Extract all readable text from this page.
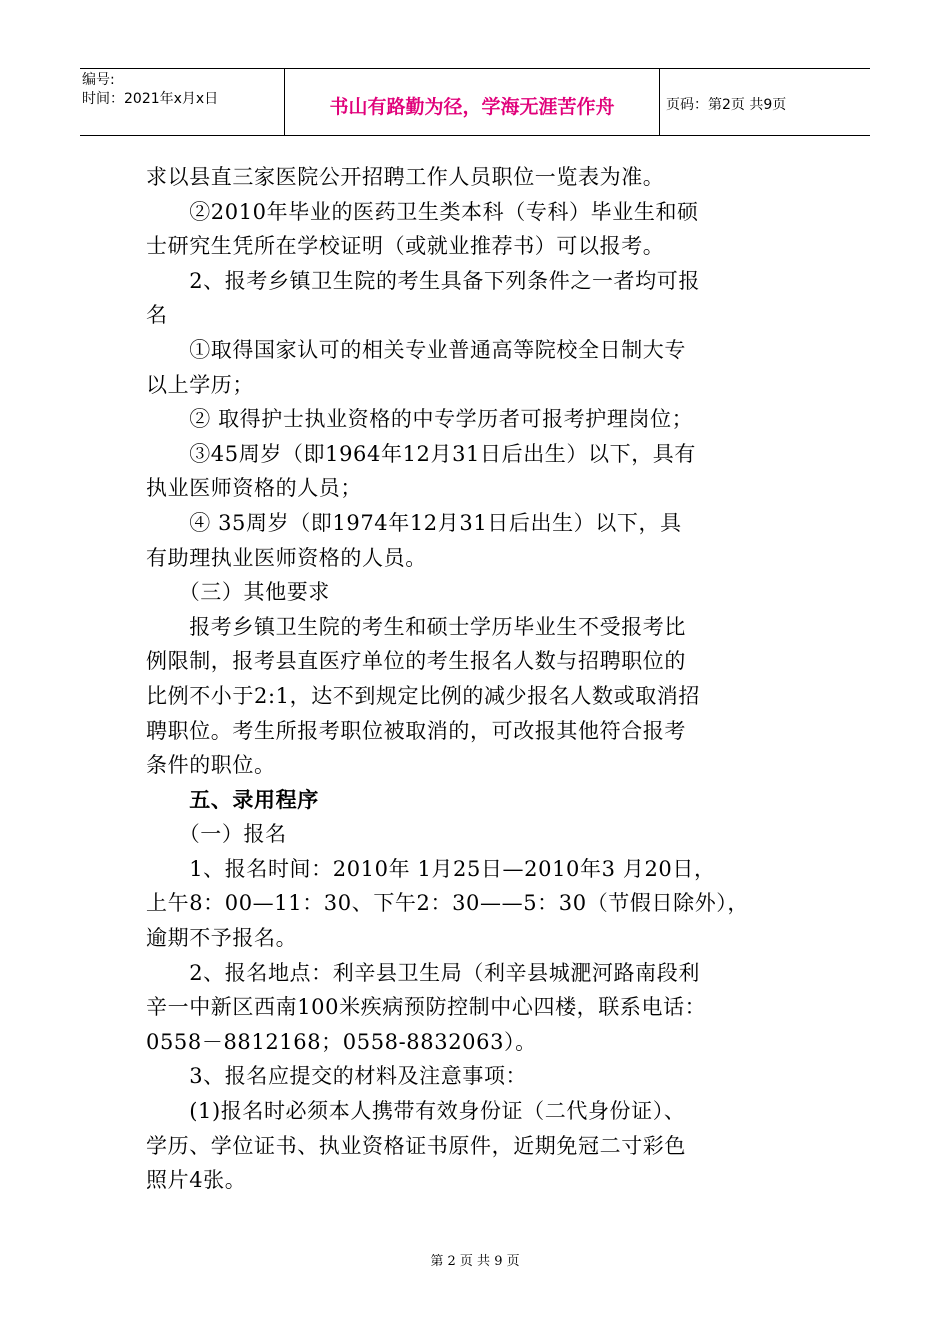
编号:
时间：2021年x月x日	书山有路勤为径，学海无涯苦作舟	页码：第2页 共9页

求以县直三家医院公开招聘工作人员职位一览表为准。

　　②2010年毕业的医药卫生类本科（专科）毕业生和硕

士研究生凭所在学校证明（或就业推荐书）可以报考。

　　2、报考乡镇卫生院的考生具备下列条件之一者均可报

名

　　①取得国家认可的相关专业普通高等院校全日制大专

以上学历；

　　② 取得护士执业资格的中专学历者可报考护理岗位；

　　③45周岁（即1964年12月31日后出生）以下，具有

执业医师资格的人员；

　　④ 35周岁（即1974年12月31日后出生）以下，具

有助理执业医师资格的人员。

　　（三）其他要求

　　报考乡镇卫生院的考生和硕士学历毕业生不受报考比

例限制，报考县直医疗单位的考生报名人数与招聘职位的

比例不小于2:1，达不到规定比例的减少报名人数或取消招

聘职位。考生所报考职位被取消的，可改报其他符合报考

条件的职位。

　　五、录用程序

　　（一）报名

　　1、报名时间：2010年 1月25日—2010年3 月20日，

上午8：00—11：30、下午2：30——5：30（节假日除外），

逾期不予报名。

　　2、报名地点：利辛县卫生局（利辛县城淝河路南段利

辛一中新区西南100米疾病预防控制中心四楼，联系电话：

0558－8812168；0558-8832063）。

　　3、报名应提交的材料及注意事项：

　　(1)报名时必须本人携带有效身份证（二代身份证）、

学历、学位证书、执业资格证书原件，近期免冠二寸彩色

照片4张。

第 2 页 共 9 页
